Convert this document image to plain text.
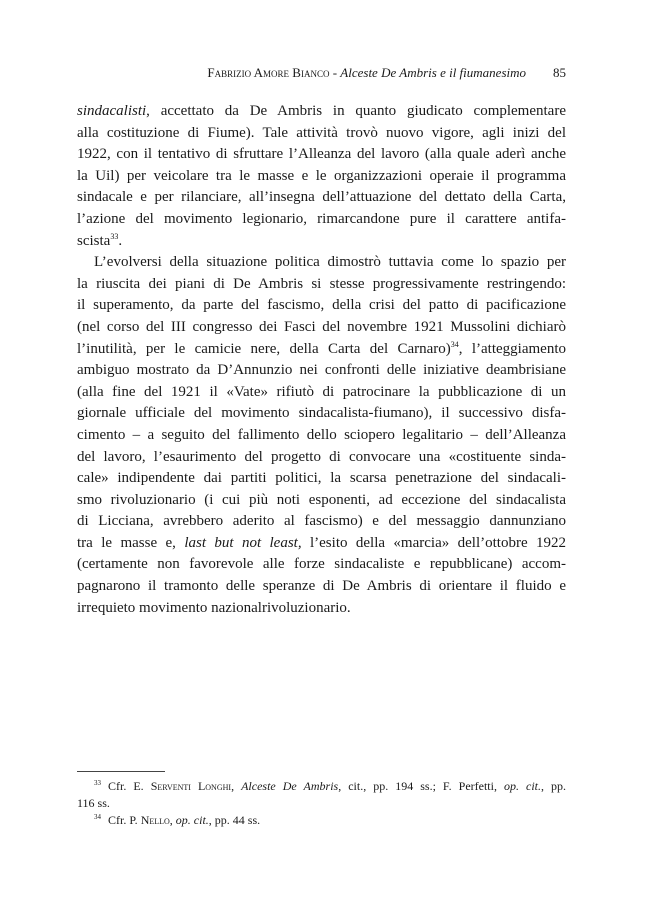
Fabrizio Amore Bianco - Alceste De Ambris e il fiumanesimo 85
sindacalisti, accettato da De Ambris in quanto giudicato complementare
alla costituzione di Fiume). Tale attività trovò nuovo vigore, agli inizi del
1922, con il tentativo di sfruttare l’Alleanza del lavoro (alla quale aderì anche
la Uil) per veicolare tra le masse e le organizzazioni operaie il programma
sindacale e per rilanciare, all’insegna dell’attuazione del dettato della Carta,
l’azione del movimento legionario, rimarcandone pure il carattere antifa-
scista$^{33}$.
L’evolversi della situazione politica dimostrò tuttavia come lo spazio per
la riuscita dei piani di De Ambris si stesse progressivamente restringendo:
il superamento, da parte del fascismo, della crisi del patto di pacificazione
(nel corso del III congresso dei Fasci del novembre 1921 Mussolini dichiarò
l’inutilità, per le camicie nere, della Carta del Carnaro)$^{34}$, l’atteggiamento
ambiguo mostrato da D’Annunzio nei confronti delle iniziative deambrisiane
(alla fine del 1921 il «Vate» rifiutò di patrocinare la pubblicazione di un
giornale ufficiale del movimento sindacalista-fiumano), il successivo disfa-
cimento – a seguito del fallimento dello sciopero legalitario – dell’Alleanza
del lavoro, l’esaurimento del progetto di convocare una «costituente sinda-
cale» indipendente dai partiti politici, la scarsa penetrazione del sindacali-
smo rivoluzionario (i cui più noti esponenti, ad eccezione del sindacalista
di Licciana, avrebbero aderito al fascismo) e del messaggio dannunziano
tra le masse e, last but not least, l’esito della «marcia» dell’ottobre 1922
(certamente non favorevole alle forze sindacaliste e repubblicane) accom-
pagnarono il tramonto delle speranze di De Ambris di orientare il fluido e
irrequieto movimento nazionalrivoluzionario.
$^{33}$ Cfr. E. Serventi Longhi, Alceste De Ambris, cit., pp. 194 ss.; F. Perfetti, op. cit., pp.
116 ss.
$^{34}$ Cfr. P. Nello, op. cit., pp. 44 ss.
